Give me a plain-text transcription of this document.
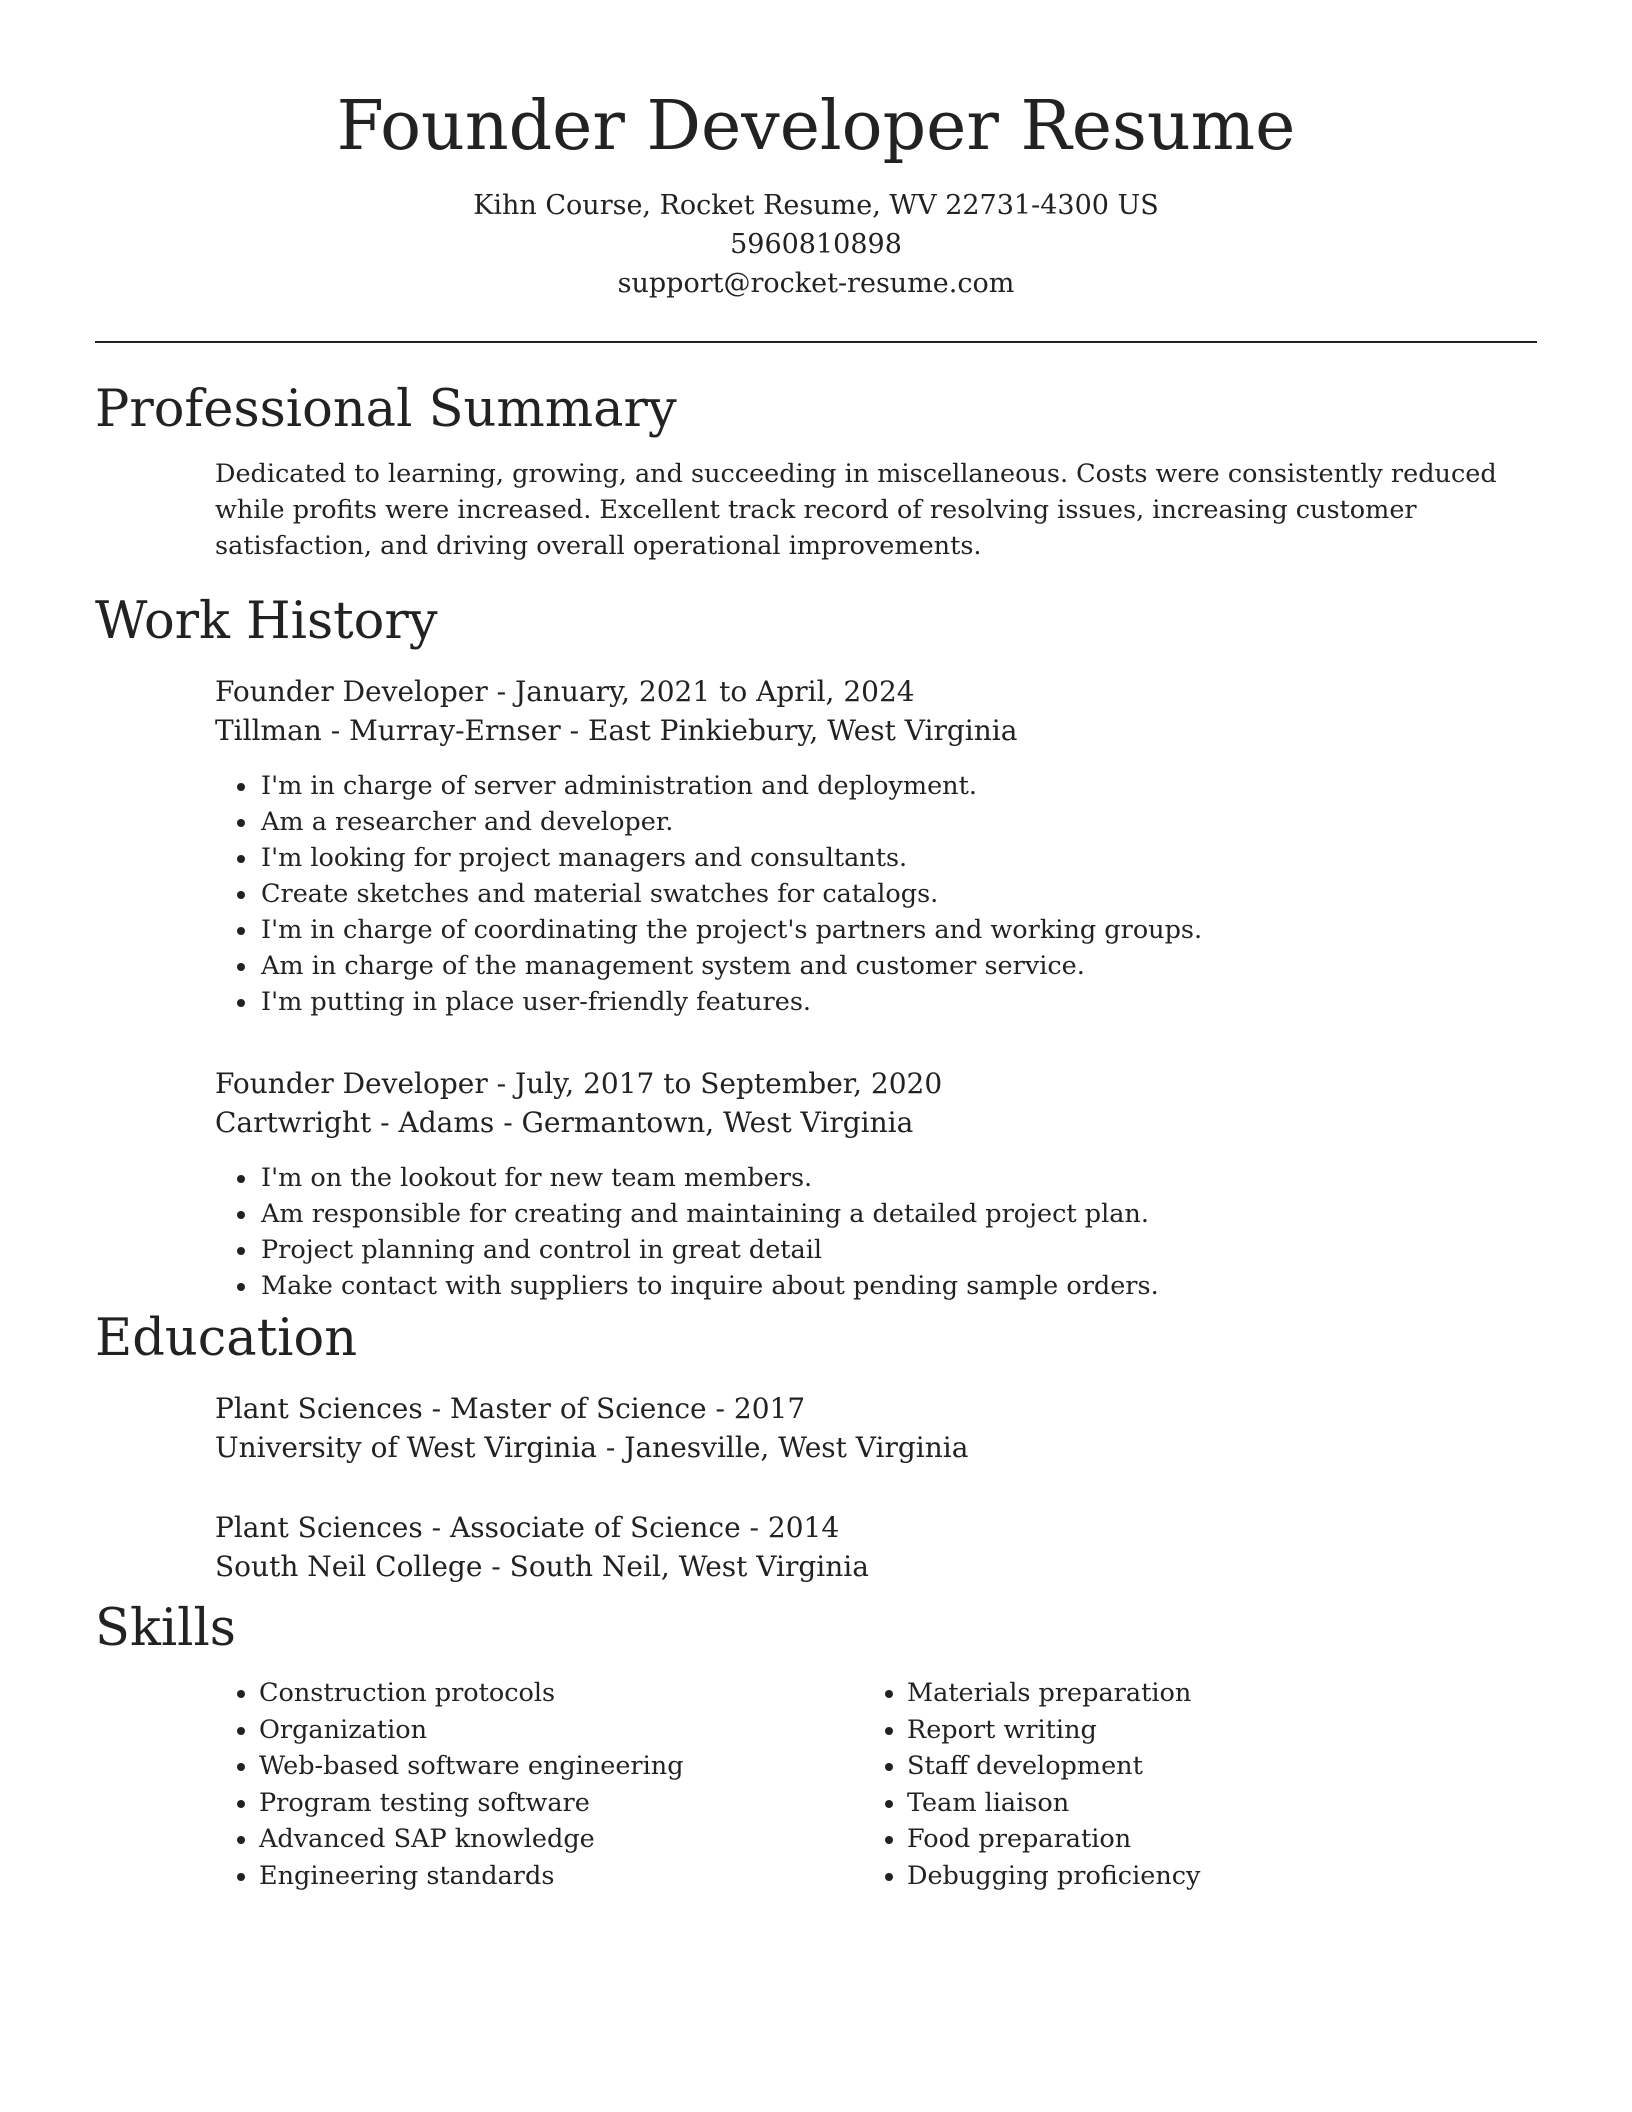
Founder Developer Resume
Kihn Course, Rocket Resume, WV 22731-4300 US
5960810898
support@rocket-resume.com
Professional Summary
Dedicated to learning, growing, and succeeding in miscellaneous. Costs were consistently reduced while profits were increased. Excellent track record of resolving issues, increasing customer satisfaction, and driving overall operational improvements.
Work History
Founder Developer - January, 2021 to April, 2024
Tillman - Murray-Ernser - East Pinkiebury, West Virginia
• I'm in charge of server administration and deployment.
• Am a researcher and developer.
• I'm looking for project managers and consultants.
• Create sketches and material swatches for catalogs.
• I'm in charge of coordinating the project's partners and working groups.
• Am in charge of the management system and customer service.
• I'm putting in place user-friendly features.
Founder Developer - July, 2017 to September, 2020
Cartwright - Adams - Germantown, West Virginia
• I'm on the lookout for new team members.
• Am responsible for creating and maintaining a detailed project plan.
• Project planning and control in great detail
• Make contact with suppliers to inquire about pending sample orders.
Education
Plant Sciences - Master of Science - 2017
University of West Virginia - Janesville, West Virginia
Plant Sciences - Associate of Science - 2014
South Neil College - South Neil, West Virginia
Skills
• Construction protocols
• Organization
• Web-based software engineering
• Program testing software
• Advanced SAP knowledge
• Engineering standards
• Materials preparation
• Report writing
• Staff development
• Team liaison
• Food preparation
• Debugging proficiency
